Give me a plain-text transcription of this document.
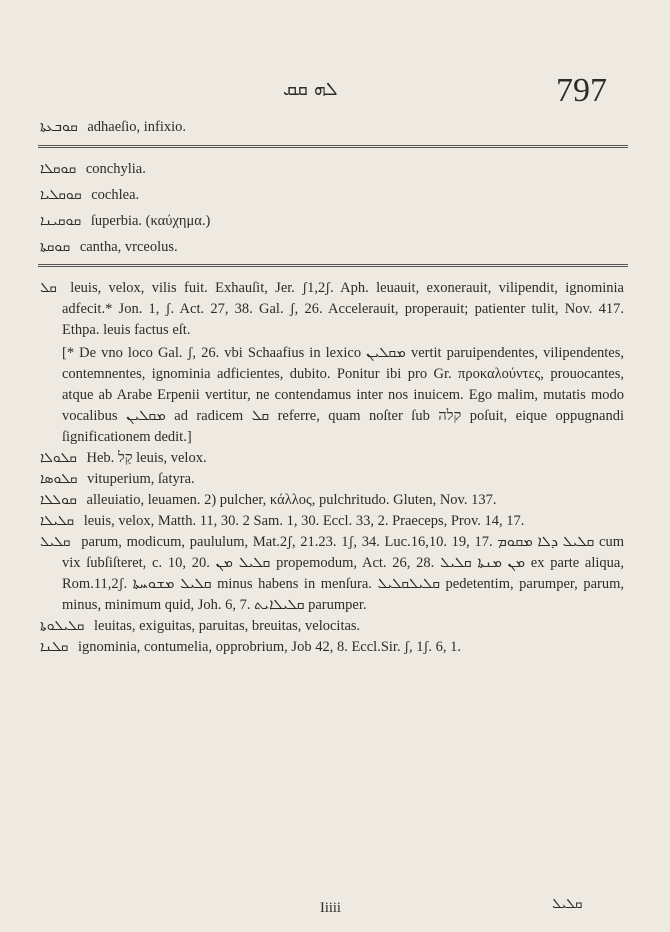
ܠܗ ܩܩ	797
ܩܘܒܥܬܐ adhaeſio, infixio.
ܩܘܩܠܐ conchylia.
ܩܘܩܠܝܐ cochlea.
ܩܘܩܝܢܐ ſuperbia. (καύχημα.)
ܩܘܩܬܐ cantha, vrceolus.

ܩܠ leuis, velox, vilis fuit. Exhauſit, Jer. ʃ1,2ʃ. Aph. leuauit, exonerauit, vilipendit, ignominia adfecit.* Jon. 1, ʃ. Act. 27, 38. Gal. ʃ, 26. Accelerauit, properauit; patienter tulit, Nov. 417. Ethpa. leuis factus eſt.

[* De vno loco Gal. ʃ, 26. vbi Schaafius in lexico ܡܩܠܝܢ vertit paruipendentes, vilipendentes, contemnentes, ignominia adficientes, dubito. Ponitur ibi pro Gr. προκαλούντες, prouocantes, atque ab Arabe Erpenii vertitur, ne contendamus inter nos inuicem. Ego malim, mutatis modo vocalibus ܡܩܠܝܢ ad radicem ܩܠ referre, quam noſter ſub קלה poſuit, eique oppugnandi ſignificationem dedit.]

ܩܠܘܠܐ Heb. קַל leuis, velox.

ܩܠܘܣܐ vituperium, ſatyra.

ܩܘܠܠܐ alleuiatio, leuamen. 2) pulcher, κάλλος, pulchritudo. Gluten, Nov. 137.

ܩܠܝܠܐ leuis, velox, Matth. 11, 30. 2 Sam. 1, 30. Eccl. 33, 2. Praeceps, Prov. 14, 17.

ܩܠܝܠ parum, modicum, paululum, Mat.2ʃ, 21.23. 1ʃ, 34. Luc.16,10. 19, 17. ܩܠܝܠ ܕܠܐ ܡܩܘܡ cum vix ſubſiſteret, c. 10, 20. ܩܠܝܠ ܡܢ propemodum, Act. 26, 28. ܡܢ ܡܢܬܐ ܩܠܝܠ ex parte aliqua, Rom.11,2ʃ. ܩܠܝܠ ܡܫܘܚܬܐ minus habens in menſura. ܩܠܝܠܩܠܝܠ pedetentim, parumper, parum, minus, minimum quid, Joh. 6, 7. ܩܠܝܠܐܝܬ parumper.

ܩܠܝܠܘܬܐ leuitas, exiguitas, paruitas, breuitas, velocitas.

ܩܠܢܐ ignominia, contumelia, opprobrium, Job 42, 8. Eccl.Sir. ʃ, 1ʃ. 6, 1.

Iiiii	ܩܠܝܠ
